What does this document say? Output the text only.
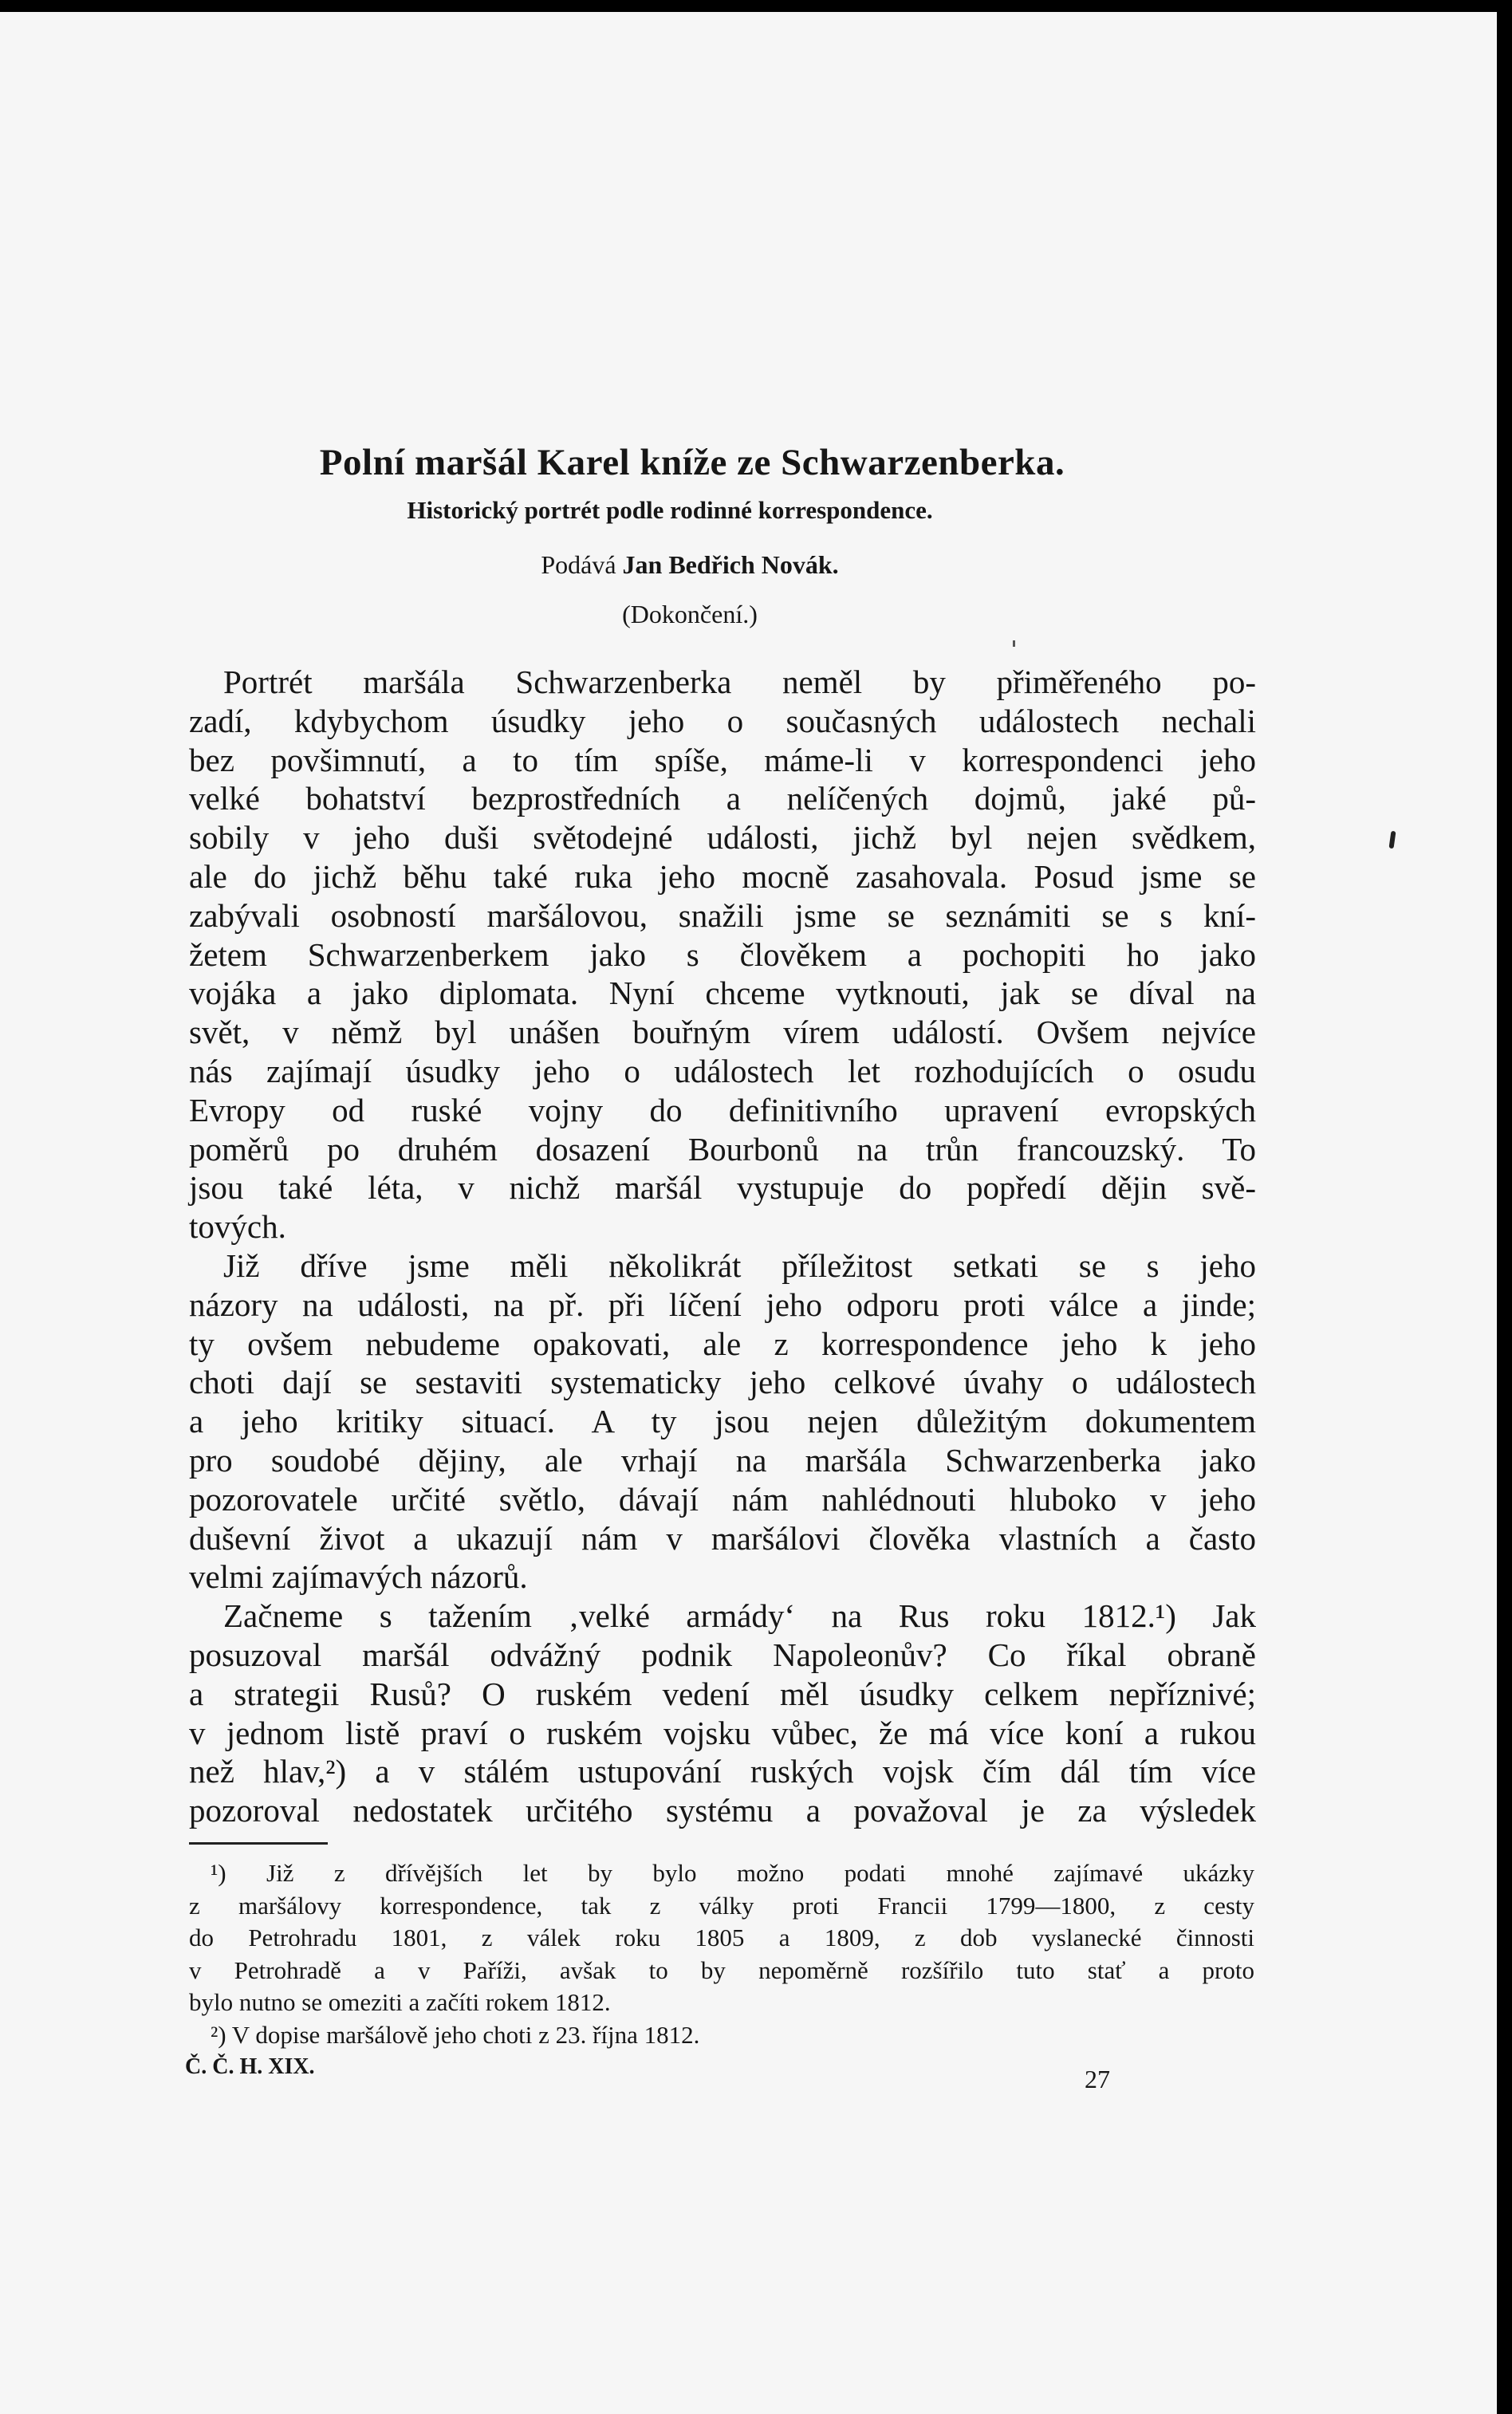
Polní maršál Karel kníže ze Schwarzenberka.
Historický portrét podle rodinné korrespondence.
Podává Jan Bedřich Novák.
(Dokončení.)
Portrét maršála Schwarzenberka neměl by přiměřeného po-
zadí, kdybychom úsudky jeho o současných událostech nechali
bez povšimnutí, a to tím spíše, máme-li v korrespondenci jeho
velké bohatství bezprostředních a nelíčených dojmů, jaké pů-
sobily v jeho duši světodejné události, jichž byl nejen svědkem,
ale do jichž běhu také ruka jeho mocně zasahovala. Posud jsme se
zabývali osobností maršálovou, snažili jsme se seznámiti se s kní-
žetem Schwarzenberkem jako s člověkem a pochopiti ho jako
vojáka a jako diplomata. Nyní chceme vytknouti, jak se díval na
svět, v němž byl unášen bouřným vírem událostí. Ovšem nejvíce
nás zajímají úsudky jeho o událostech let rozhodujících o osudu
Evropy od ruské vojny do definitivního upravení evropských
poměrů po druhém dosazení Bourbonů na trůn francouzský. To
jsou také léta, v nichž maršál vystupuje do popředí dějin svě-
tových.
Již dříve jsme měli několikrát příležitost setkati se s jeho
názory na události, na př. při líčení jeho odporu proti válce a jinde;
ty ovšem nebudeme opakovati, ale z korrespondence jeho k jeho
choti dají se sestaviti systematicky jeho celkové úvahy o událostech
a jeho kritiky situací. A ty jsou nejen důležitým dokumentem
pro soudobé dějiny, ale vrhají na maršála Schwarzenberka jako
pozorovatele určité světlo, dávají nám nahlédnouti hluboko v jeho
duševní život a ukazují nám v maršálovi člověka vlastních a často
velmi zajímavých názorů.
Začneme s tažením ‚velké armády‘ na Rus roku 1812.¹) Jak
posuzoval maršál odvážný podnik Napoleonův? Co říkal obraně
a strategii Rusů? O ruském vedení měl úsudky celkem nepříznivé;
v jednom listě praví o ruském vojsku vůbec, že má více koní a rukou
než hlav,²) a v stálém ustupování ruských vojsk čím dál tím více
pozoroval nedostatek určitého systému a považoval je za výsledek
¹) Již z dřívějších let by bylo možno podati mnohé zajímavé ukázky
z maršálovy korrespondence, tak z války proti Francii 1799—1800, z cesty
do Petrohradu 1801, z válek roku 1805 a 1809, z dob vyslanecké činnosti
v Petrohradě a v Paříži, avšak to by nepoměrně rozšířilo tuto stať a proto
bylo nutno se omeziti a začíti rokem 1812.
²) V dopise maršálově jeho choti z 23. října 1812.
Č. Č. H. XIX.	27
